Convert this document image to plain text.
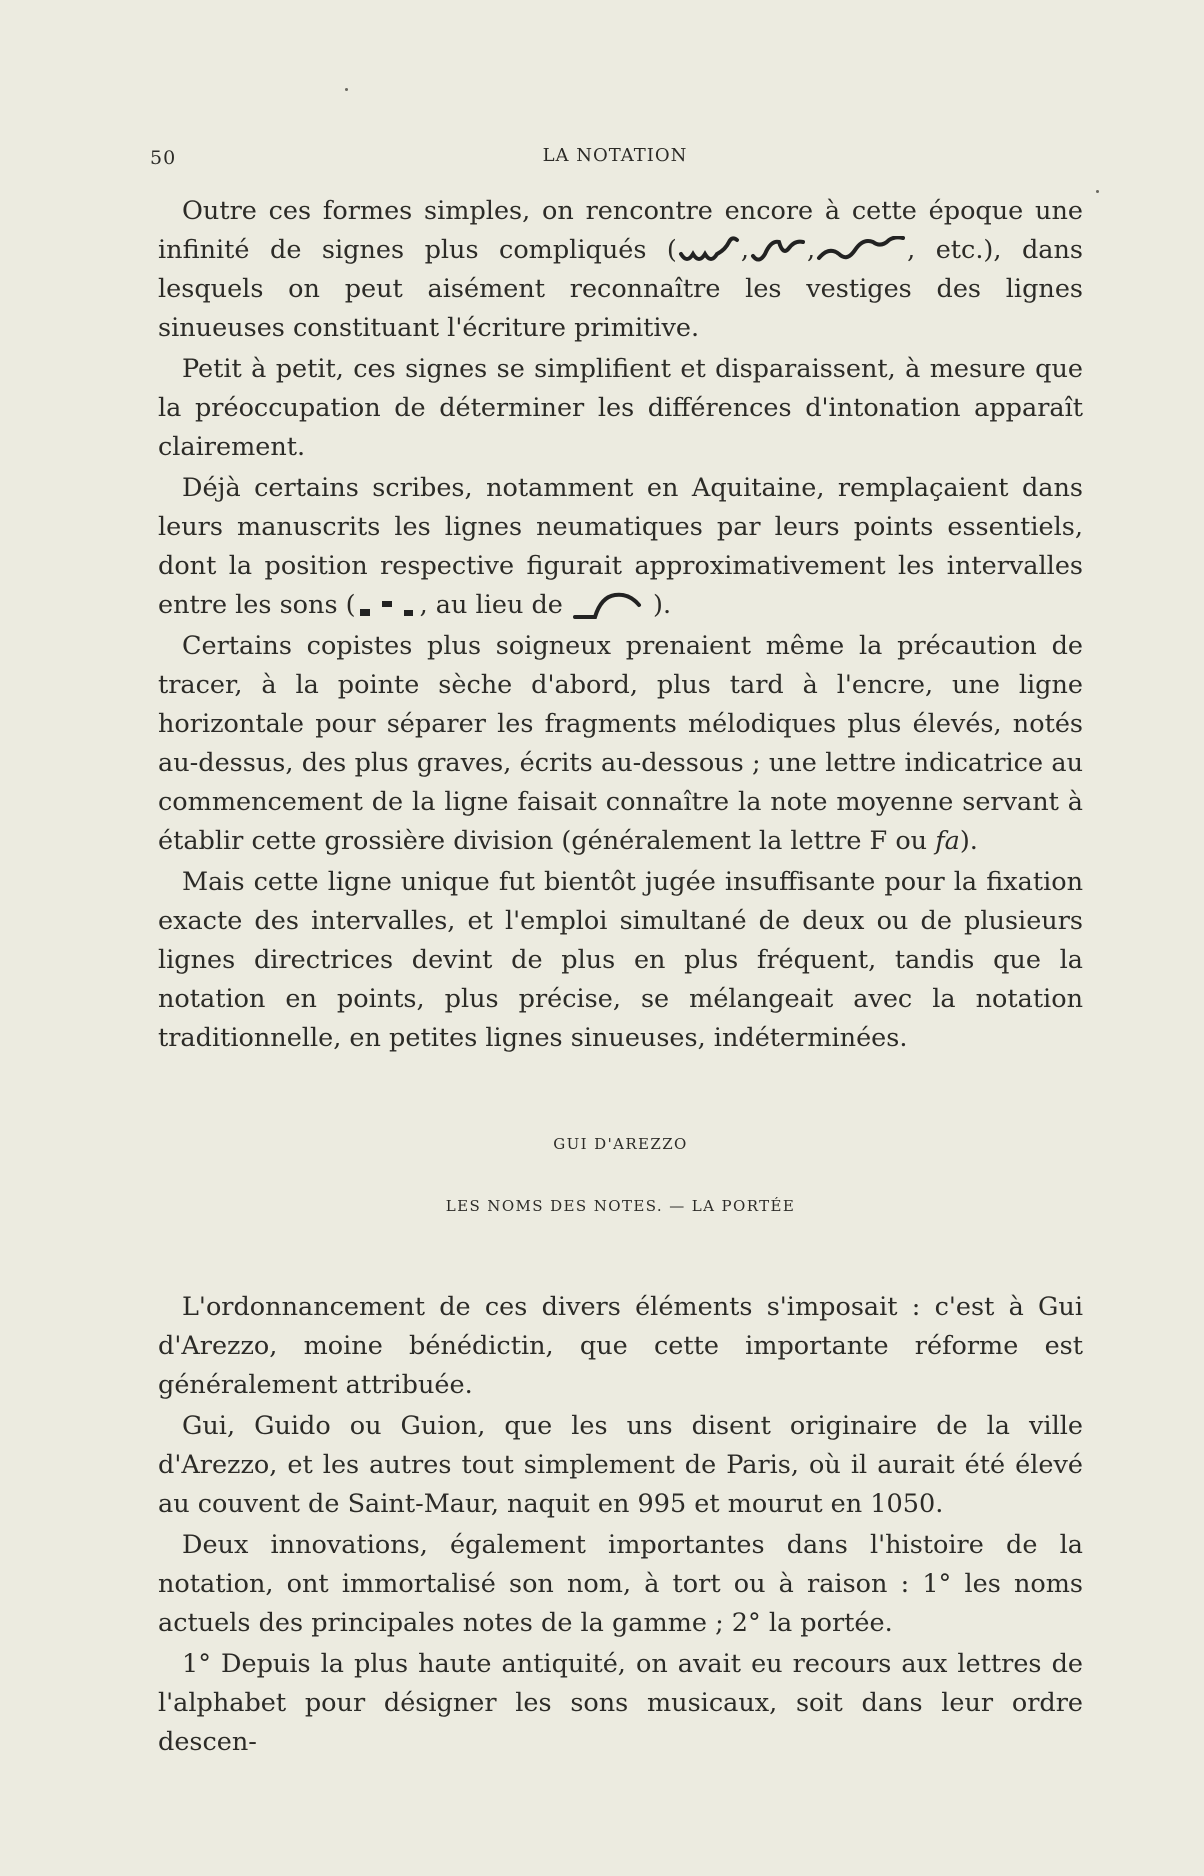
50	LA NOTATION

Outre ces formes simples, on rencontre encore à cette époque une infinité de signes plus compliqués (	, ,	, etc.), dans lesquels on peut aisément reconnaître les vestiges des lignes sinueuses constituant l'écriture primitive.

Petit à petit, ces signes se simplifient et disparaissent, à mesure que la préoccupation de déterminer les différences d'intonation apparaît clairement.

Déjà certains scribes, notamment en Aquitaine, remplaçaient dans leurs manuscrits les lignes neumatiques par leurs points essentiels, dont la position respective figurait approximativement les intervalles entre les sons (	, au lieu de	).

Certains copistes plus soigneux prenaient même la précaution de tracer, à la pointe sèche d'abord, plus tard à l'encre, une ligne horizontale pour séparer les fragments mélodiques plus élevés, notés au-dessus, des plus graves, écrits au-dessous ; une lettre indicatrice au commencement de la ligne faisait connaître la note moyenne servant à établir cette grossière division (généralement la lettre F ou fa).

Mais cette ligne unique fut bientôt jugée insuffisante pour la fixation exacte des intervalles, et l'emploi simultané de deux ou de plusieurs lignes directrices devint de plus en plus fréquent, tandis que la notation en points, plus précise, se mélangeait avec la notation traditionnelle, en petites lignes sinueuses, indéterminées.

GUI D'AREZZO
LES NOMS DES NOTES. — LA PORTÉE

L'ordonnancement de ces divers éléments s'imposait : c'est à Gui d'Arezzo, moine bénédictin, que cette importante réforme est généralement attribuée.

Gui, Guido ou Guion, que les uns disent originaire de la ville d'Arezzo, et les autres tout simplement de Paris, où il aurait été élevé au couvent de Saint-Maur, naquit en 995 et mourut en 1050.

Deux innovations, également importantes dans l'histoire de la notation, ont immortalisé son nom, à tort ou à raison : 1° les noms actuels des principales notes de la gamme ; 2° la portée.

1° Depuis la plus haute antiquité, on avait eu recours aux lettres de l'alphabet pour désigner les sons musicaux, soit dans leur ordre descen-
